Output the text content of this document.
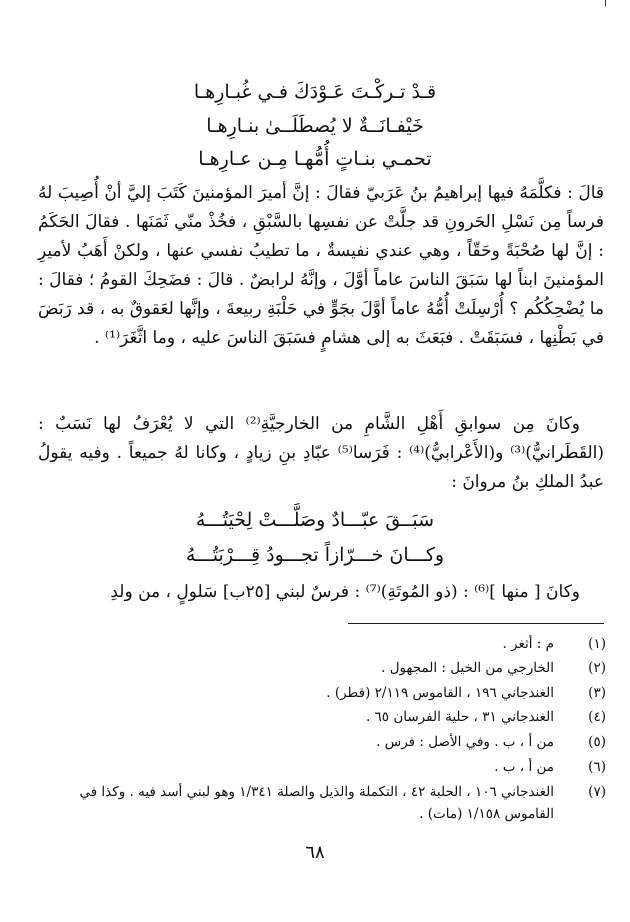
قـدْ تـركْـتَ عَـوْدَكَ فـي غُبـارِهـا
خَيْفـانَــةٌ لا يُصطَلَــىٰ بنـارِهـا
تحمـي بنـاتٍ أُمُّهـا مِـن عـارِهـا
قالَ : فكلَّمَهُ فيها إبراهيمُ بنُ عَرَبيّ فقالَ : إنَّ أميرَ المؤمنينَ كَتَبَ إليَّ أنْ أُصِيبَ لهُ فرساً مِن نَسْلِ الحَرونِ قد جلَّتْ عن نفسِها بالسَّبْقِ ، فخُذْ منّي ثَمَنَها . فقالَ الحَكَمُ : إنَّ لها صُحْبَةً وحَقّاً ، وهي عندي نفيسةٌ ، ما تطيبُ نفسي عنها ، ولكنْ أَهَبُ لأميرِ المؤمنينَ ابناً لها سَبَقَ الناسَ عاماً أوَّلَ ، وإنَّهُ لرابضٌ . قالَ : فضَحِكَ القومُ ؛ فقالَ : ما يُضْحِكُكُم ؟ أُرْسِلَتْ أُمُّهُ عاماً أوَّلَ بجَوٍّ في حَلْبَةِ ربيعةَ ، وإنَّها لعَقوقٌ به ، قد رَبَضَ في بَطْنِها ، فسَبَقَتْ . فبَعَثَ به إلى هشامٍ فسَبَقَ الناسَ عليه ، وما اثَّغَرَ⁽¹⁾ .
وكانَ مِن سوابقِ أَهْلِ الشَّامِ من الخارجيَّةِ⁽²⁾ التي لا يُعْرَفُ لها نَسَبٌ : (القَطَرانيُّ)⁽³⁾ و(الأَعْرابيُّ)⁽⁴⁾ : فَرَسا⁽⁵⁾ عبّادِ بنِ زيادٍ ، وكانا لهُ جميعاً . وفيه يقولُ عبدُ الملكِ بنُ مروانَ :
سَبَــقَ عبّـــادٌ وصَلَّـــتْ لِحْيَتُـــهُ
وكـــانَ خـــرّازاً تجـــودُ قِـــرْبَتُـــهُ
وكانَ [ منها ]⁽⁶⁾ : (ذو المُوتَةِ)⁽⁷⁾ : فرسٌ لبني [٢٥ب] سَلولٍ ، من ولدِ
(١)
م : أثغر .
(٢)
الخارجي من الخيل : المجهول .
(٣)
الغندجاني ١٩٦ ، القاموس ٢/١١٩ (قطر) .
(٤)
الغندجاني ٣١ ، حلية الفرسان ٦٥ .
(٥)
من أ ، ب . وفي الأصل : فرس .
(٦)
من أ ، ب .
(٧)
الغندجاني ١٠٦ ، الحلبة ٤٢ ، التكملة والذيل والصلة ١/٣٤١ وهو لبني أسد فيه . وكذا في القاموس ١/١٥٨ (مات) .
٦٨
